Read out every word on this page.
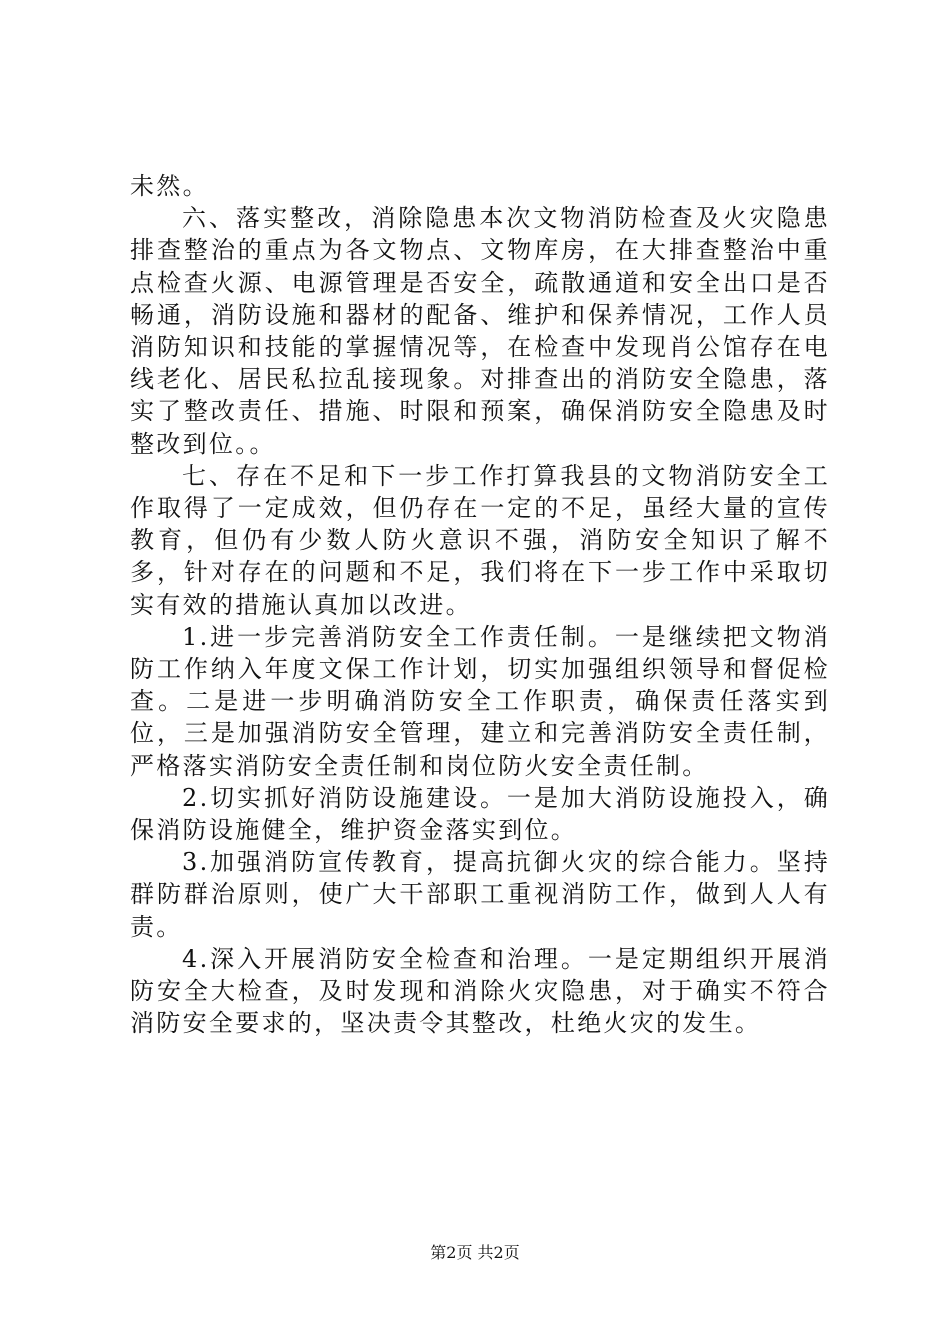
未然。

六、落实整改，消除隐患本次文物消防检查及火灾隐患排查整治的重点为各文物点、文物库房，在大排查整治中重点检查火源、电源管理是否安全，疏散通道和安全出口是否畅通，消防设施和器材的配备、维护和保养情况，工作人员消防知识和技能的掌握情况等，在检查中发现肖公馆存在电线老化、居民私拉乱接现象。对排查出的消防安全隐患，落实了整改责任、措施、时限和预案，确保消防安全隐患及时整改到位。。

七、存在不足和下一步工作打算我县的文物消防安全工作取得了一定成效，但仍存在一定的不足，虽经大量的宣传教育，但仍有少数人防火意识不强，消防安全知识了解不多，针对存在的问题和不足，我们将在下一步工作中采取切实有效的措施认真加以改进。

1.进一步完善消防安全工作责任制。一是继续把文物消防工作纳入年度文保工作计划，切实加强组织领导和督促检查。二是进一步明确消防安全工作职责，确保责任落实到位，三是加强消防安全管理，建立和完善消防安全责任制，严格落实消防安全责任制和岗位防火安全责任制。

2.切实抓好消防设施建设。一是加大消防设施投入，确保消防设施健全，维护资金落实到位。

3.加强消防宣传教育，提高抗御火灾的综合能力。坚持群防群治原则，使广大干部职工重视消防工作，做到人人有责。

4.深入开展消防安全检查和治理。一是定期组织开展消防安全大检查，及时发现和消除火灾隐患，对于确实不符合消防安全要求的，坚决责令其整改，杜绝火灾的发生。

第2页 共2页
